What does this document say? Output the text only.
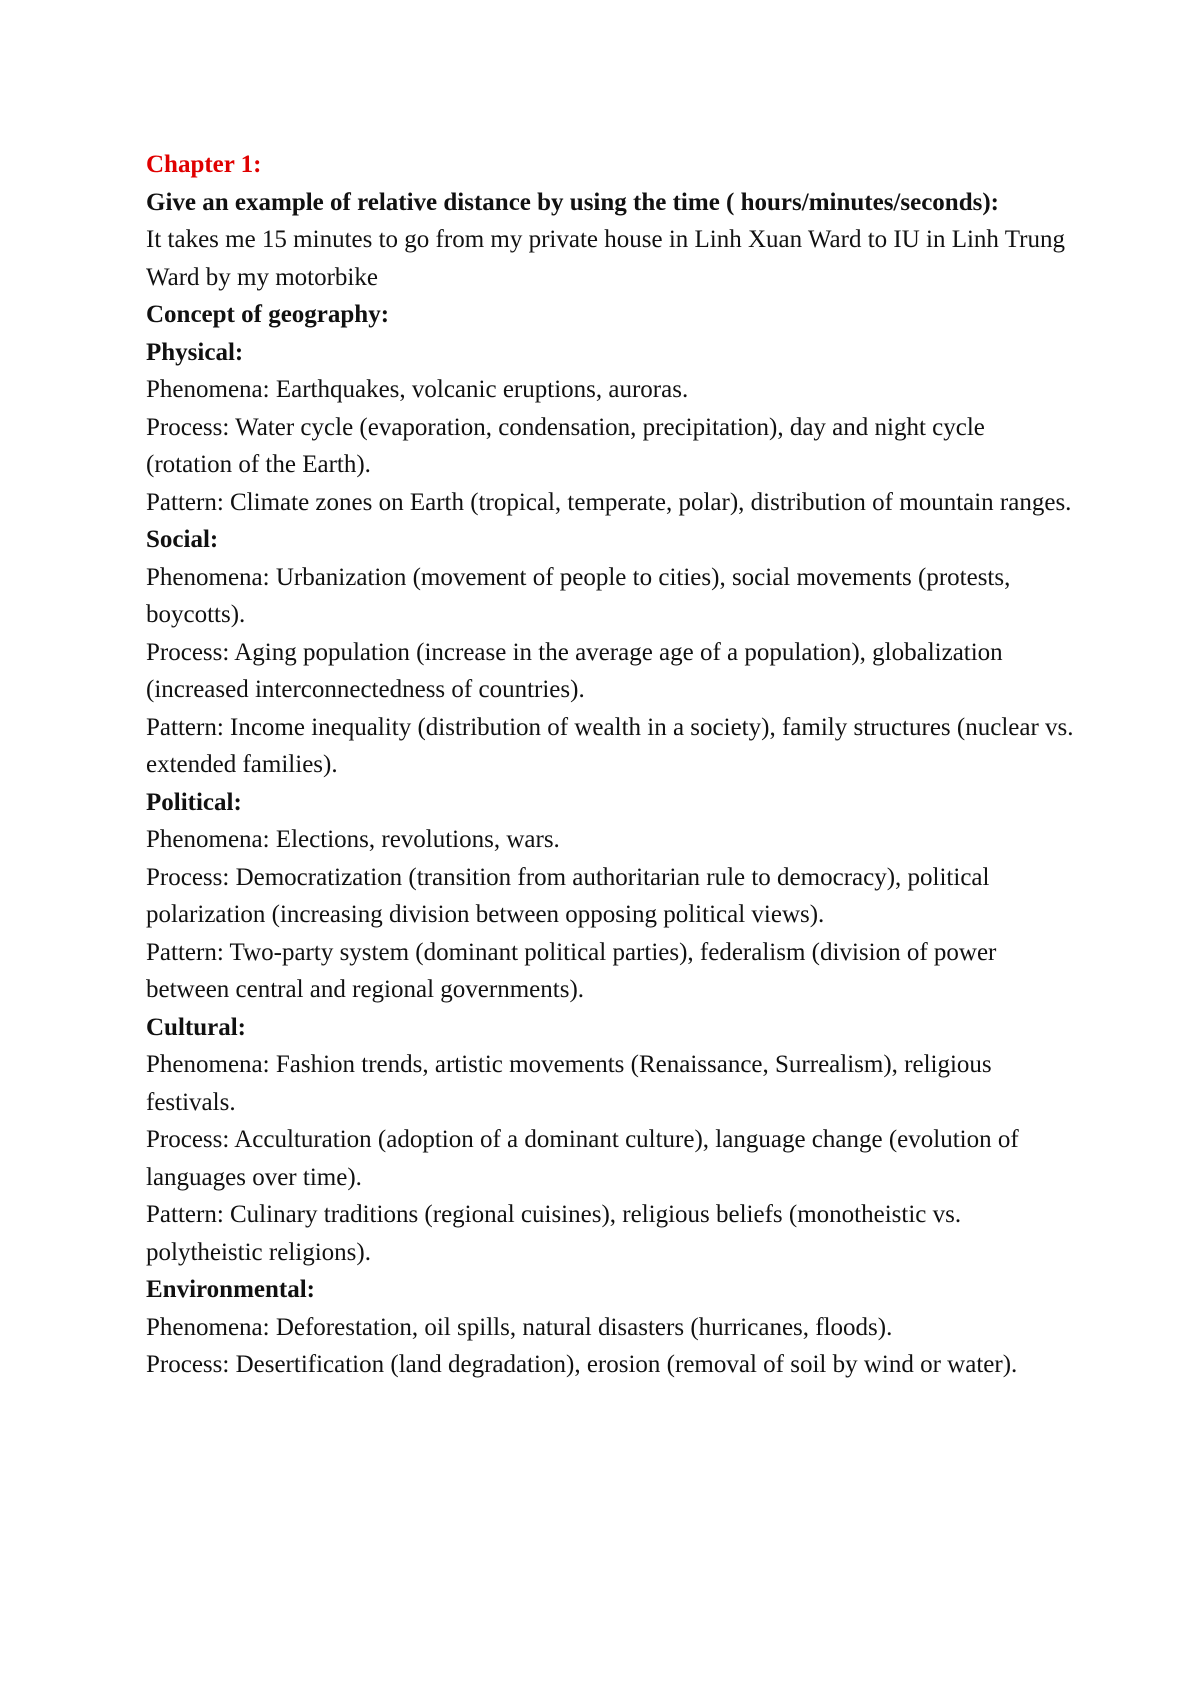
Chapter 1:

Give an example of relative distance by using the time ( hours/minutes/seconds):

It takes me 15 minutes to go from my private house in Linh Xuan Ward to IU in Linh Trung Ward by my motorbike

Concept of geography:

Physical:

Phenomena: Earthquakes, volcanic eruptions, auroras.

Process: Water cycle (evaporation, condensation, precipitation), day and night cycle (rotation of the Earth).

Pattern: Climate zones on Earth (tropical, temperate, polar), distribution of mountain ranges.

Social:

Phenomena: Urbanization (movement of people to cities), social movements (protests, boycotts).

Process: Aging population (increase in the average age of a population), globalization (increased interconnectedness of countries).

Pattern: Income inequality (distribution of wealth in a society), family structures (nuclear vs. extended families).

Political:

Phenomena: Elections, revolutions, wars.

Process: Democratization (transition from authoritarian rule to democracy), political polarization (increasing division between opposing political views).

Pattern: Two-party system (dominant political parties), federalism (division of power between central and regional governments).

Cultural:

Phenomena: Fashion trends, artistic movements (Renaissance, Surrealism), religious festivals.

Process: Acculturation (adoption of a dominant culture), language change (evolution of languages over time).

Pattern: Culinary traditions (regional cuisines), religious beliefs (monotheistic vs. polytheistic religions).

Environmental:

Phenomena: Deforestation, oil spills, natural disasters (hurricanes, floods).

Process: Desertification (land degradation), erosion (removal of soil by wind or water).
